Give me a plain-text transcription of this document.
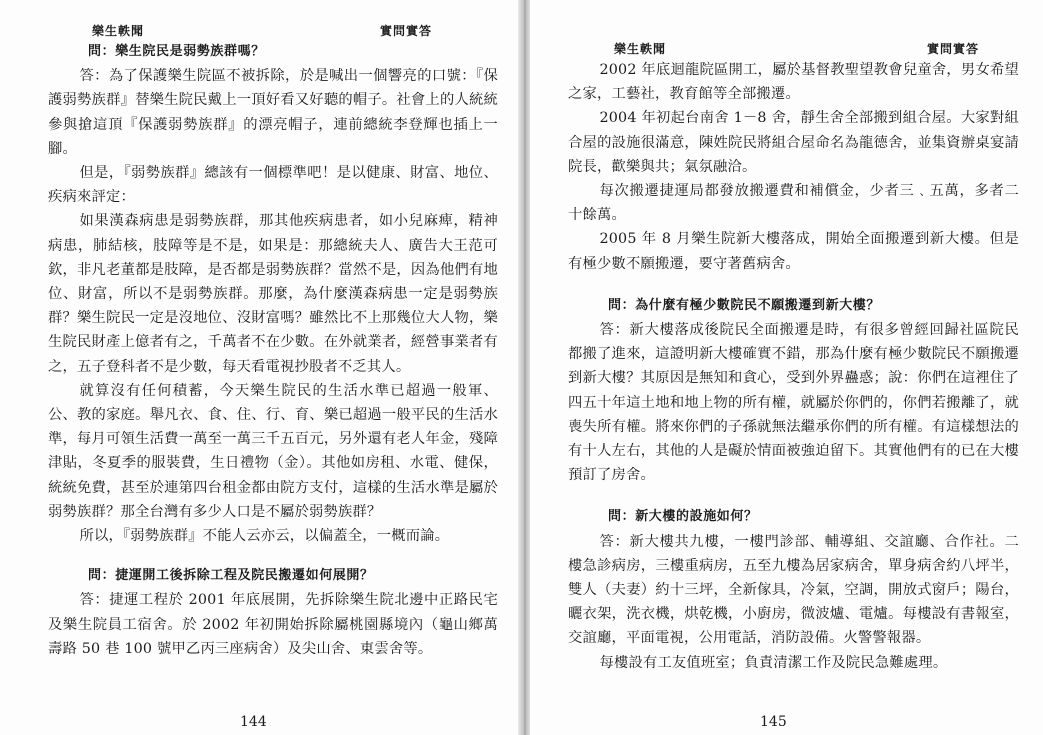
樂生軼聞	實問實答

問：樂生院民是弱勢族群嗎？

答：為了保護樂生院區不被拆除，於是喊出一個響亮的口號：『保護弱勢族群』替樂生院民戴上一頂好看又好聽的帽子。社會上的人統統參與搶這頂『保護弱勢族群』的漂亮帽子，連前總統李登輝也插上一腳。

但是，『弱勢族群』總該有一個標準吧！是以健康、財富、地位、疾病來評定：

如果漢森病患是弱勢族群，那其他疾病患者，如小兒麻痺，精神病患，肺結核，肢障等是不是，如果是：那總統夫人、廣告大王范可欽，非凡老董都是肢障，是否都是弱勢族群？當然不是，因為他們有地位、財富，所以不是弱勢族群。那麼，為什麼漢森病患一定是弱勢族群？樂生院民一定是沒地位、沒財富嗎？雖然比不上那幾位大人物，樂生院民財產上億者有之，千萬者不在少數。在外就業者，經營事業者有之，五子登科者不是少數，每天看電視抄股者不乏其人。

就算沒有任何積蓄，今天樂生院民的生活水準已超過一般軍、公、教的家庭。舉凡衣、食、住、行、育、樂已超過一般平民的生活水準，每月可領生活費一萬至一萬三千五百元，另外還有老人年金，殘障津貼，冬夏季的服裝費，生日禮物（金）。其他如房租、水電、健保，統統免費，甚至於連第四台租金都由院方支付，這樣的生活水準是屬於弱勢族群？那全台灣有多少人口是不屬於弱勢族群？

所以，『弱勢族群』不能人云亦云，以偏蓋全，一概而論。

問：捷運開工後拆除工程及院民搬遷如何展開？

答：捷運工程於 2001 年底展開，先拆除樂生院北邊中正路民宅及樂生院員工宿舍。於 2002 年初開始拆除屬桃園縣境內（龜山鄉萬壽路 50 巷 100 號甲乙丙三座病舍）及尖山舍、東雲舍等。

144
樂生軼聞	實問實答

2002 年底迴龍院區開工，屬於基督教聖望教會兒童舍，男女希望之家，工藝社，教育館等全部搬遷。

2004 年初起台南舍 1－8 舍，靜生舍全部搬到組合屋。大家對組合屋的設施很滿意，陳姓院民將組合屋命名為龍德舍，並集資辦桌宴請院長，歡樂與共；氣氛融洽。

每次搬遷捷運局都發放搬遷費和補償金，少者三﹑五萬，多者二十餘萬。

2005 年 8 月樂生院新大樓落成，開始全面搬遷到新大樓。但是有極少數不願搬遷，要守著舊病舍。

問：為什麼有極少數院民不願搬遷到新大樓？

答：新大樓落成後院民全面搬遷是時，有很多曾經回歸社區院民都搬了進來，這證明新大樓確實不錯，那為什麼有極少數院民不願搬遷到新大樓？其原因是無知和貪心，受到外界蠱惑；說：你們在這裡住了四五十年這土地和地上物的所有權，就屬於你們的，你們若搬離了，就喪失所有權。將來你們的子孫就無法繼承你們的所有權。有這樣想法的有十人左右，其他的人是礙於情面被強迫留下。其實他們有的已在大樓預訂了房舍。

問：新大樓的設施如何？

答：新大樓共九樓，一樓門診部、輔導組、交誼廳、合作社。二樓急診病房，三樓重病房，五至九樓為居家病舍，單身病舍約八坪半，雙人（夫妻）約十三坪，全新傢具，冷氣，空調，開放式窗戶；陽台，曬衣架，洗衣機，烘乾機，小廚房，微波爐、電爐。每樓設有書報室，交誼廳，平面電視，公用電話，消防設備。火警警報器。

每樓設有工友值班室；負責清潔工作及院民急難處理。

145
